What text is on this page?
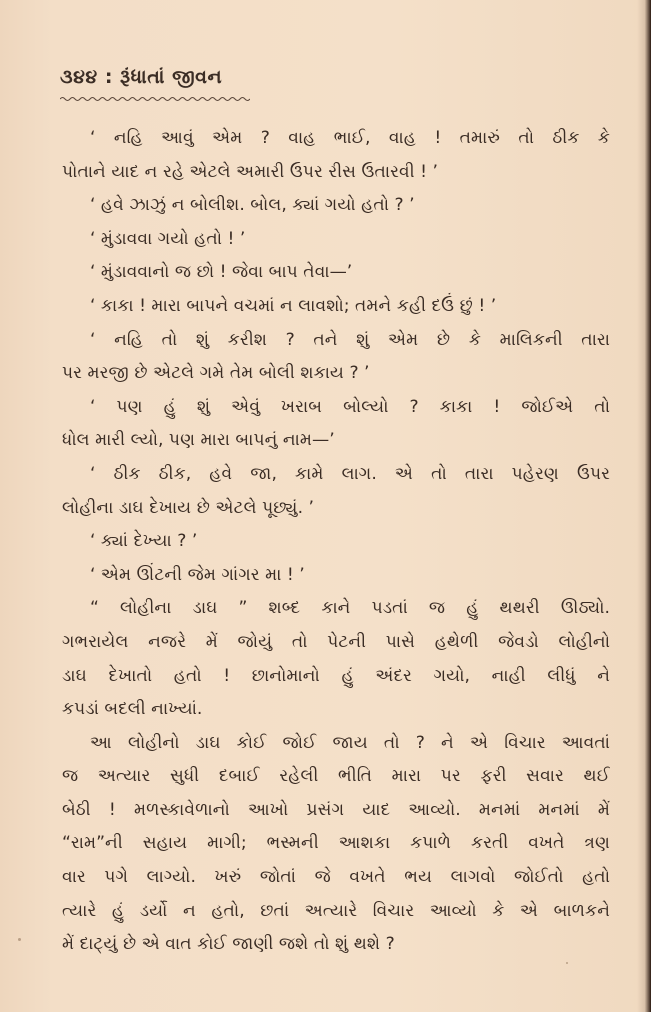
૩૪૪ : રૂંધાતાં જીવન
‘ નહિ આવું એમ ? વાહ ભાઈ, વાહ ! તમારું તો ઠીક કે
પોતાને યાદ ન રહે એટલે અમારી ઉપર રીસ ઉતારવી ! ’
‘ હવે ઝાઝું ન બોલીશ. બોલ, ક્યાં ગયો હતો ? ’
‘ મુંડાવવા ગયો હતો ! ’
‘ મુંડાવવાનો જ છો ! જેવા બાપ તેવા—’
‘ કાકા ! મારા બાપને વચમાં ન લાવશો; તમને કહી દઉં છું ! ’
‘ નહિ તો શું કરીશ ? તને શું એમ છે કે માલિકની તારા
પર મરજી છે એટલે ગમે તેમ બોલી શકાય ? ’
‘ પણ હું શું એવું ખરાબ બોલ્યો ? કાકા ! જોઈએ તો
ધોલ મારી લ્યો, પણ મારા બાપનું નામ—’
‘ ઠીક ઠીક, હવે જા, કામે લાગ. એ તો તારા પહેરણ ઉપર
લોહીના ડાઘ દેખાય છે એટલે પૂછ્યું. ’
‘ ક્યાં દેખ્યા ? ’
‘ એમ ઊંટની જેમ ગાંગર મા ! ’
“ લોહીના ડાઘ ” શબ્દ કાને પડતાં જ હું થથરી ઊઠ્યો.
ગભરાયેલ નજરે મેં જોયું તો પેટની પાસે હથેળી જેવડો લોહીનો
ડાઘ દેખાતો હતો ! છાનોમાનો હું અંદર ગયો, નાહી લીધું ને
કપડાં બદલી નાખ્યાં.
આ લોહીનો ડાઘ કોઈ જોઈ જાય તો ? ને એ વિચાર આવતાં
જ અત્યાર સુધી દબાઈ રહેલી ભીતિ મારા પર ફરી સવાર થઈ
બેઠી ! મળસ્કાવેળાનો આખો પ્રસંગ યાદ આવ્યો. મનમાં મનમાં મેં
“રામ”ની સહાય માગી; ભસ્મની આશકા કપાળે કરતી વખતે ત્રણ
વાર પગે લાગ્યો. ખરું જોતાં જે વખતે ભય લાગવો જોઈતો હતો
ત્યારે હું ડર્યો ન હતો, છતાં અત્યારે વિચાર આવ્યો કે એ બાળકને
મેં દાટ્યું છે એ વાત કોઈ જાણી જશે તો શું થશે ?
